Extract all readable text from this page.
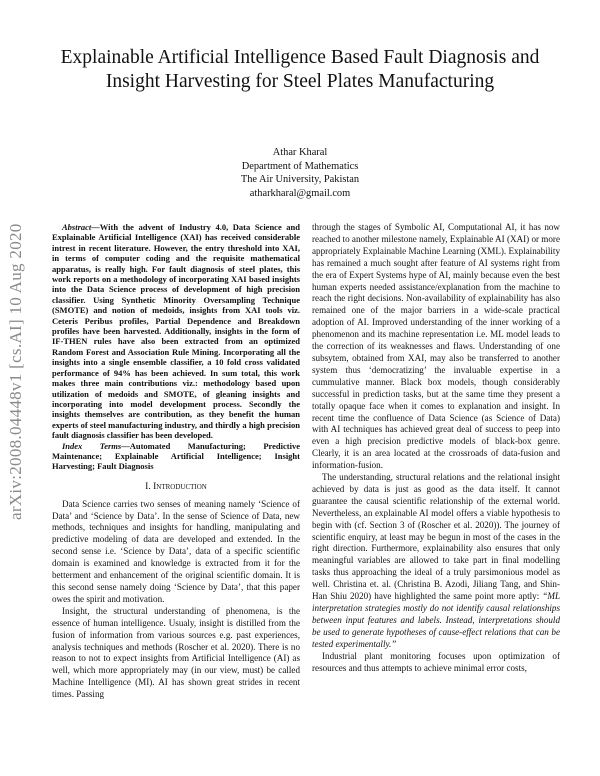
arXiv:2008.04448v1 [cs.AI] 10 Aug 2020
Explainable Artificial Intelligence Based Fault Diagnosis and Insight Harvesting for Steel Plates Manufacturing
Athar Kharal
Department of Mathematics
The Air University, Pakistan
atharkharal@gmail.com

Abstract—With the advent of Industry 4.0, Data Science and Explainable Artificial Intelligence (XAI) has received considerable intrest in recent literature. However, the entry threshold into XAI, in terms of computer coding and the requisite mathematical apparatus, is really high. For fault diagnosis of steel plates, this work reports on a methodology of incorporating XAI based insights into the Data Science process of development of high precision classifier. Using Synthetic Minority Oversampling Technique (SMOTE) and notion of medoids, insights from XAI tools viz. Ceteris Peribus profiles, Partial Dependence and Breakdown profiles have been harvested. Additionally, insights in the form of IF-THEN rules have also been extracted from an optimized Random Forest and Association Rule Mining. Incorporating all the insights into a single ensemble classifier, a 10 fold cross validated performance of 94% has been achieved. In sum total, this work makes three main contributions viz.: methodology based upon utilization of medoids and SMOTE, of gleaning insights and incorporating into model development process. Secondly the insights themselves are contribution, as they benefit the human experts of steel manufacturing industry, and thirdly a high precision fault diagnosis classifier has been developed.

Index Terms—Automated Manufacturing; Predictive Maintenance; Explainable Artificial Intelligence; Insight Harvesting; Fault Diagnosis

I. Introduction

Data Science carries two senses of meaning namely ‘Science of Data’ and ‘Science by Data’. In the sense of Science of Data, new methods, techniques and insights for handling, manipulating and predictive modeling of data are developed and extended. In the second sense i.e. ‘Science by Data’, data of a specific scientific domain is examined and knowledge is extracted from it for the betterment and enhancement of the original scientific domain. It is this second sense namely doing ‘Science by Data’, that this paper owes the spirit and motivation.

Insight, the structural understanding of phenomena, is the essence of human intelligence. Usualy, insight is distilled from the fusion of information from various sources e.g. past experiences, analysis techniques and methods (Roscher et al. 2020). There is no reason to not to expect insights from Artificial Intelligence (AI) as well, which more appropriately may (in our view, must) be called Machine Intelligence (MI). AI has shown great strides in recent times. Passing

through the stages of Symbolic AI, Computational AI, it has now reached to another milestone namely, Explainable AI (XAI) or more appropriately Explainable Machine Learning (XML). Explainability has remained a much sought after feature of AI systems right from the era of Expert Systems hype of AI, mainly because even the best human experts needed assistance/explanation from the machine to reach the right decisions. Non-availability of explainability has also remained one of the major barriers in a wide-scale practical adoption of AI. Improved understanding of the inner working of a phenomenon and its machine representation i.e. ML model leads to the correction of its weaknesses and flaws. Understanding of one subsytem, obtained from XAI, may also be transferred to another system thus ‘democratizing’ the invaluable expertise in a cummulative manner. Black box models, though considerably successful in prediction tasks, but at the same time they present a totally opaque face when it comes to explanation and insight. In recent time the confluence of Data Science (as Science of Data) with AI techniques has achieved great deal of success to peep into even a high precision predictive models of black-box genre. Clearly, it is an area located at the crossroads of data-fusion and information-fusion.

The understanding, structural relations and the relational insight achieved by data is just as good as the data itself. It cannot guarantee the causal scientific relationship of the external world. Nevertheless, an explainable AI model offers a viable hypothesis to begin with (cf. Section 3 of (Roscher et al. 2020)). The journey of scientific enquiry, at least may be begun in most of the cases in the right direction. Furthermore, explainability also ensures that only meaningful variables are allowed to take part in final modelling tasks thus approaching the ideal of a truly parsimonious model as well. Christina et. al. (Christina B. Azodi, Jiliang Tang, and Shin-Han Shiu 2020) have highlighted the same point more aptly: “ML interpretation strategies mostly do not identify causal relationships between input features and labels. Instead, interpretations should be used to generate hypotheses of cause-effect relations that can be tested experimentally.”

Industrial plant monitoring focuses upon optimization of resources and thus attempts to achieve minimal error costs,
